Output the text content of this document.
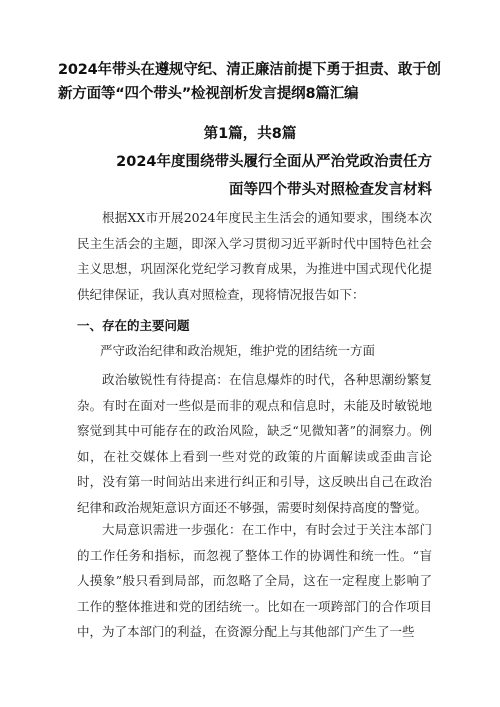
2024年带头在遵规守纪、清正廉洁前提下勇于担责、敢于创新方面等“四个带头”检视剖析发言提纲8篇汇编
第1篇，共8篇
2024年度围绕带头履行全面从严治党政治责任方面等四个带头对照检查发言材料

根据XX市开展2024年度民主生活会的通知要求，围绕本次民主生活会的主题，即深入学习贯彻习近平新时代中国特色社会主义思想，巩固深化党纪学习教育成果，为推进中国式现代化提供纪律保证，我认真对照检查，现将情况报告如下：

一、存在的主要问题
严守政治纪律和政治规矩，维护党的团结统一方面

政治敏锐性有待提高：在信息爆炸的时代，各种思潮纷繁复杂。有时在面对一些似是而非的观点和信息时，未能及时敏锐地察觉到其中可能存在的政治风险，缺乏“见微知著”的洞察力。例如，在社交媒体上看到一些对党的政策的片面解读或歪曲言论时，没有第一时间站出来进行纠正和引导，这反映出自己在政治纪律和政治规矩意识方面还不够强，需要时刻保持高度的警觉。

大局意识需进一步强化：在工作中，有时会过于关注本部门的工作任务和指标，而忽视了整体工作的协调性和统一性。“盲人摸象”般只看到局部，而忽略了全局，这在一定程度上影响了工作的整体推进和党的团结统一。比如在一项跨部门的合作项目中，为了本部门的利益，在资源分配上与其他部门产生了一些
